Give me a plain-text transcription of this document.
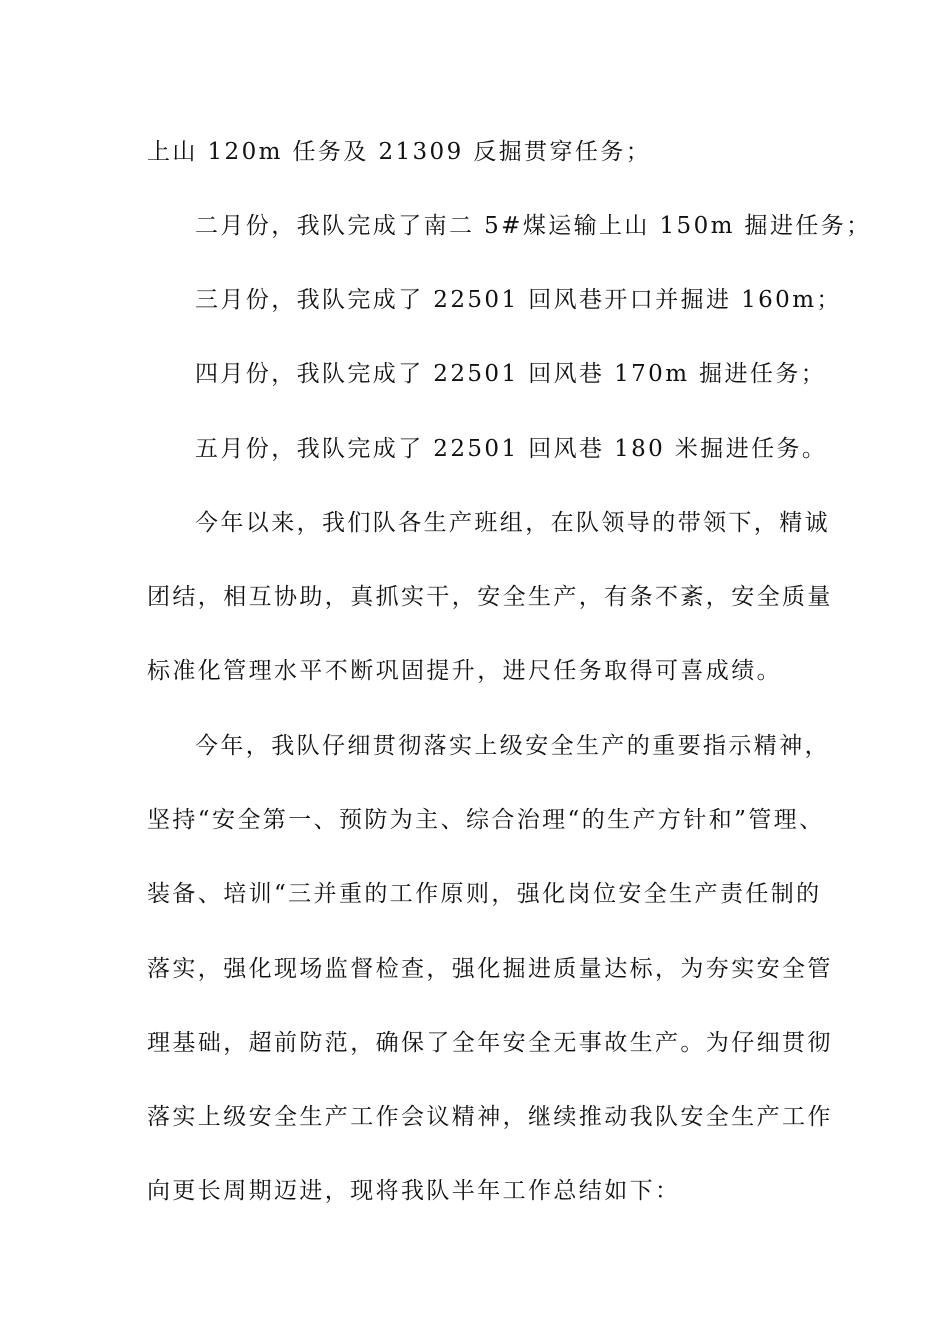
上山 120m 任务及 21309 反掘贯穿任务；
二月份，我队完成了南二 5#煤运输上山 150m 掘进任务；
三月份，我队完成了 22501 回风巷开口并掘进 160m；
四月份，我队完成了 22501 回风巷 170m 掘进任务；
五月份，我队完成了 22501 回风巷 180 米掘进任务。
今年以来，我们队各生产班组，在队领导的带领下，精诚
团结，相互协助，真抓实干，安全生产，有条不紊，安全质量
标准化管理水平不断巩固提升，进尺任务取得可喜成绩。
今年，我队仔细贯彻落实上级安全生产的重要指示精神，
坚持“安全第一、预防为主、综合治理“的生产方针和”管理、
装备、培训“三并重的工作原则，强化岗位安全生产责任制的
落实，强化现场监督检查，强化掘进质量达标，为夯实安全管
理基础，超前防范，确保了全年安全无事故生产。为仔细贯彻
落实上级安全生产工作会议精神，继续推动我队安全生产工作
向更长周期迈进，现将我队半年工作总结如下：
